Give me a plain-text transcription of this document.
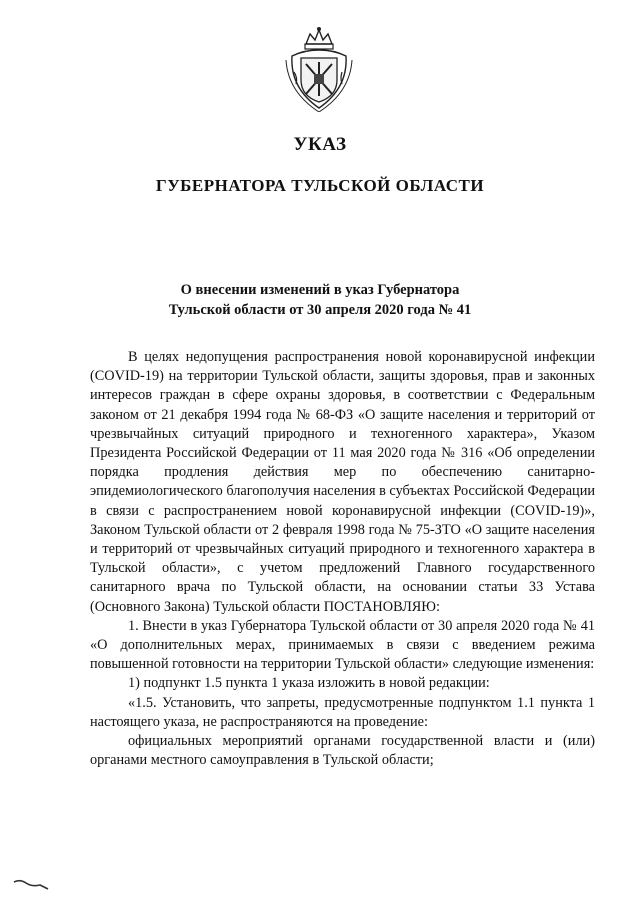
УКАЗ
ГУБЕРНАТОРА ТУЛЬСКОЙ ОБЛАСТИ
О внесении изменений в указ Губернатора
Тульской области от 30 апреля 2020 года № 41

В целях недопущения распространения новой коронавирусной инфекции (COVID-19) на территории Тульской области, защиты здоровья, прав и законных интересов граждан в сфере охраны здоровья, в соответствии с Федеральным законом от 21 декабря 1994 года № 68-ФЗ «О защите населения и территорий от чрезвычайных ситуаций природного и техногенного характера», Указом Президента Российской Федерации от 11 мая 2020 года № 316 «Об определении порядка продления действия мер по обеспечению санитарно-эпидемиологического благополучия населения в субъектах Российской Федерации в связи с распространением новой коронавирусной инфекции (COVID-19)», Законом Тульской области от 2 февраля 1998 года № 75-ЗТО «О защите населения и территорий от чрезвычайных ситуаций природного и техногенного характера в Тульской области», с учетом предложений Главного государственного санитарного врача по Тульской области, на основании статьи 33 Устава (Основного Закона) Тульской области ПОСТАНОВЛЯЮ:

1. Внести в указ Губернатора Тульской области от 30 апреля 2020 года № 41 «О дополнительных мерах, принимаемых в связи с введением режима повышенной готовности на территории Тульской области» следующие изменения:

1) подпункт 1.5 пункта 1 указа изложить в новой редакции:

«1.5. Установить, что запреты, предусмотренные подпунктом 1.1 пункта 1 настоящего указа, не распространяются на проведение:

официальных мероприятий органами государственной власти и (или) органами местного самоуправления в Тульской области;
